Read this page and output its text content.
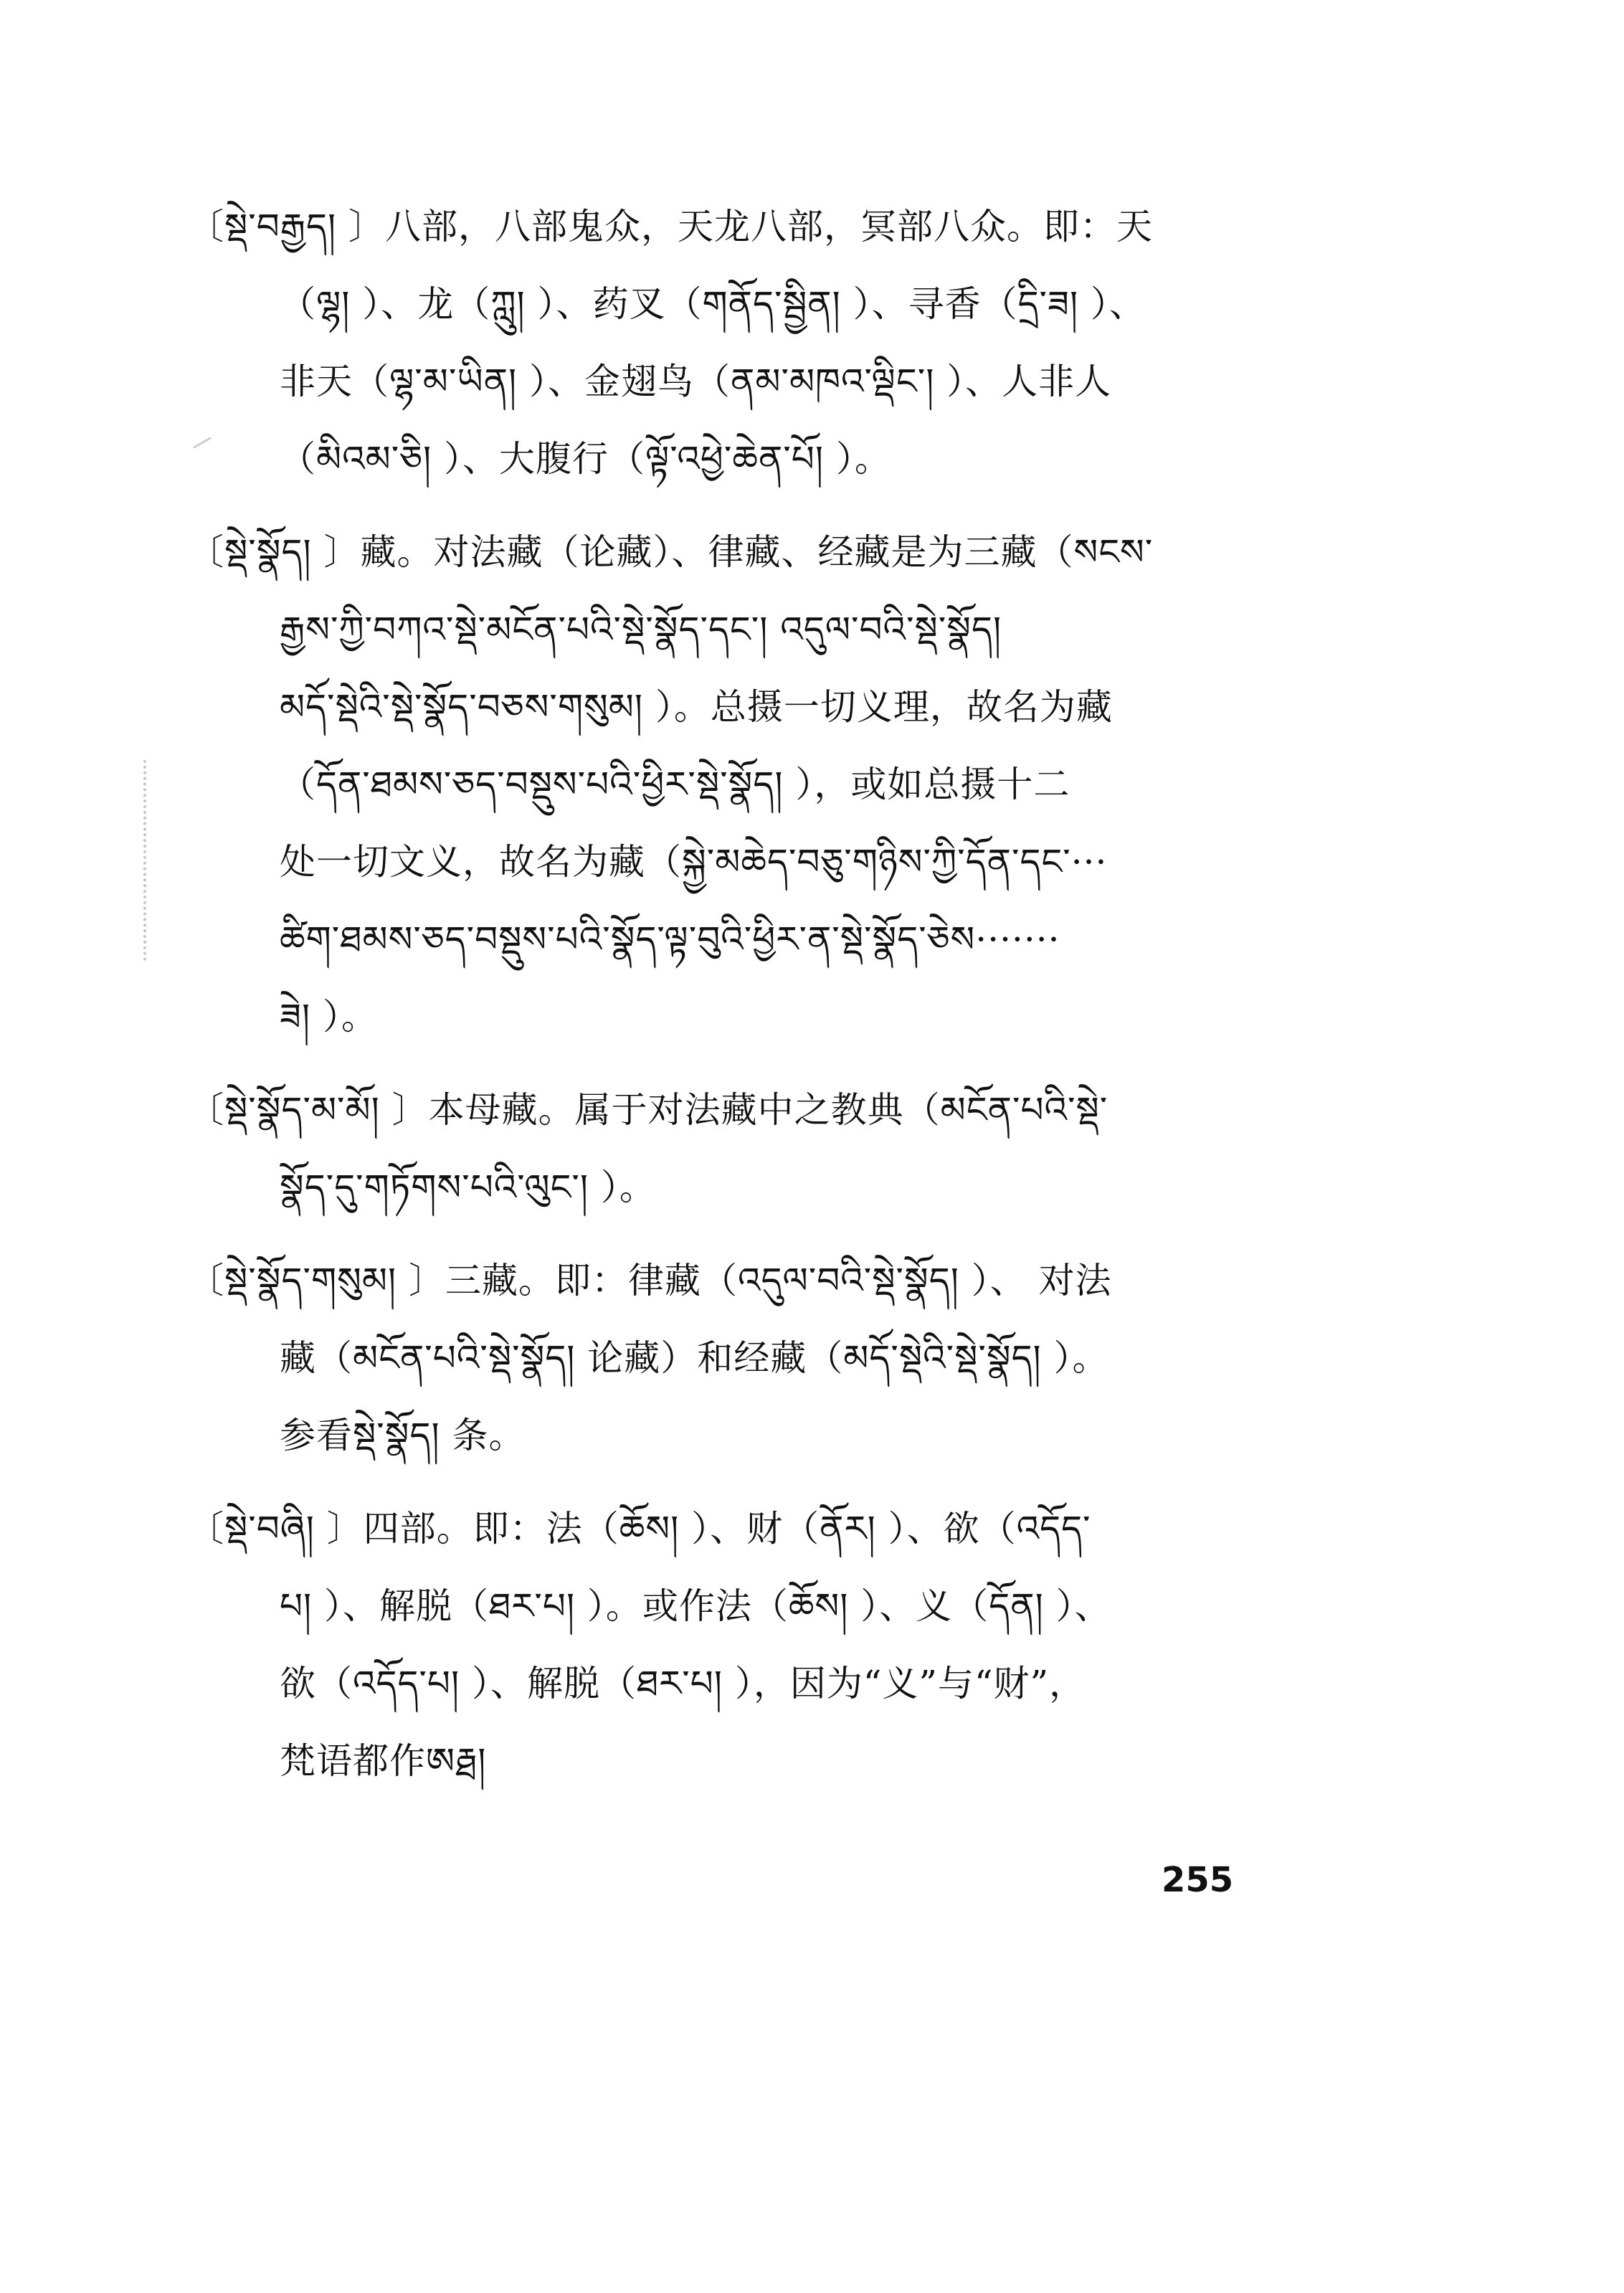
〔སྡེ་བརྒྱད། 〕八部，八部鬼众，天龙八部，冥部八众。即：天
（ལྷ། ）、龙（ཀླུ། ）、药叉（གནོད་སྦྱིན། ）、寻香（དྲི་ཟ། ）、
非天（ལྷ་མ་ཡིན། ）、金翅鸟（ནམ་མཁའ་ལྡིང་། ）、人非人
（མིའམ་ཅི། ）、大腹行（ལྟོ་འཕྱེ་ཆེན་པོ། ）。
〔སྡེ་སྣོད། 〕藏。对法藏（论藏）、律藏、经藏是为三藏（སངས་
རྒྱས་ཀྱི་བཀའ་སྡེ་མངོན་པའི་སྡེ་སྣོད་དང་། འདུལ་བའི་སྡེ་སྣོད།
མདོ་སྡེའི་སྡེ་སྣོད་བཅས་གསུམ། ）。总摄一切义理，故名为藏
（དོན་ཐམས་ཅད་བསྡུས་པའི་ཕྱིར་སྡེ་སྣོད། ），或如总摄十二
处一切文义，故名为藏（སྐྱེ་མཆེད་བཅུ་གཉིས་ཀྱི་དོན་དང་···
ཚིག་ཐམས་ཅད་བསྡུས་པའི་སྣོད་ལྟ་བུའི་ཕྱིར་ན་སྡེ་སྣོད་ཅེས·······
ཟེ། ）。
〔སྡེ་སྣོད་མ་མོ། 〕本母藏。属于对法藏中之教典（མངོན་པའི་སྡེ་
སྣོད་དུ་གཏོགས་པའི་ལུང་། ）。
〔སྡེ་སྣོད་གསུམ། 〕三藏。即：律藏（འདུལ་བའི་སྡེ་སྣོད། ）、 对法
藏（མངོན་པའི་སྡེ་སྣོད། 论藏）和经藏（མདོ་སྡེའི་སྡེ་སྣོད། ）。
参看སྡེ་སྣོད། 条。
〔སྡེ་བཞི། 〕四部。即：法（ཆོས། ）、财（ནོར། ）、欲（འདོད་
པ། ）、解脱（ཐར་པ། ）。或作法（ཆོས། ）、义（དོན། ）、
欲（འདོད་པ། ）、解脱（ཐར་པ། ），因为“义”与“财”，
梵语都作ཨརྠ།
255
